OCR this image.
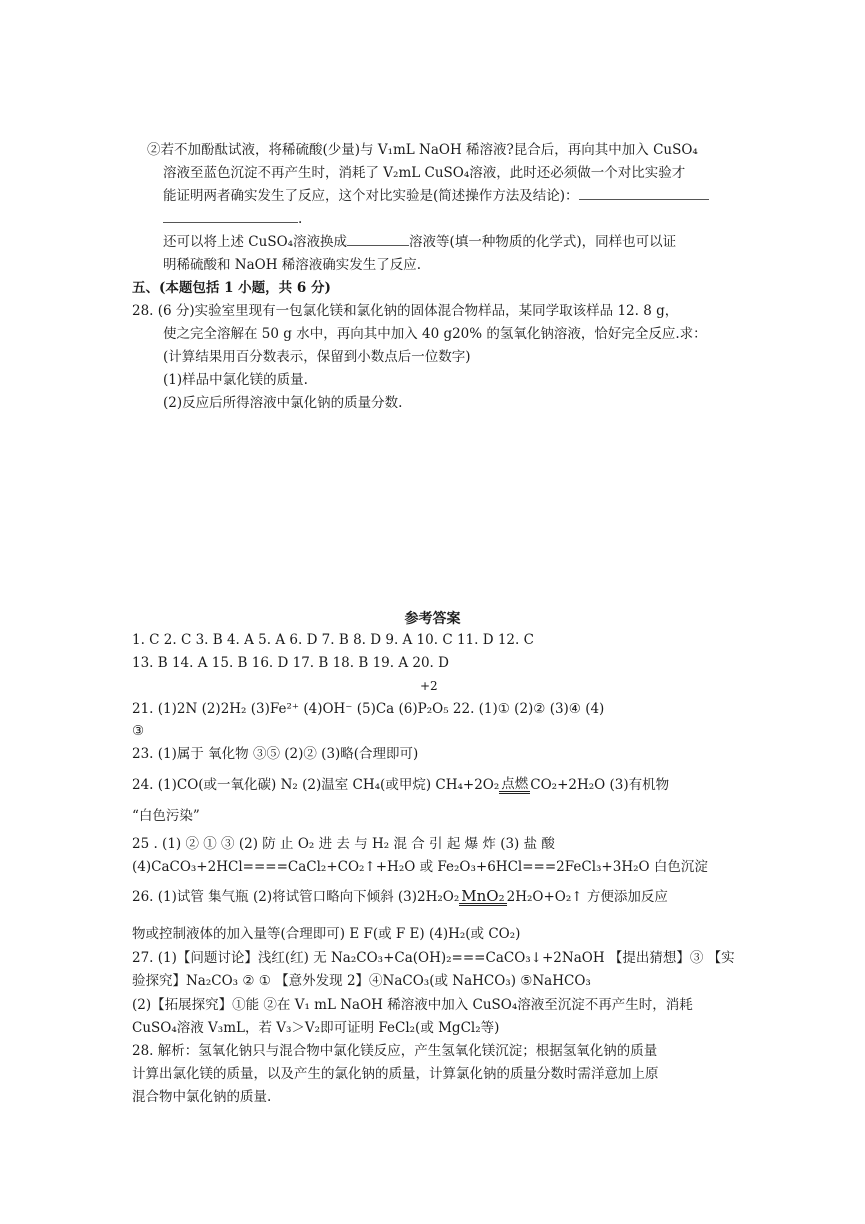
②若不加酚酞试液，将稀硫酸(少量)与 V₁mL NaOH 稀溶液?昆合后，再向其中加入 CuSO₄
溶液至蓝色沉淀不再产生时，消耗了 V₂mL CuSO₄溶液，此时还必须做一个对比实验才
能证明两者确实发生了反应，这个对比实验是(简述操作方法及结论)：
.
还可以将上述 CuSO₄溶液换成	溶液等(填一种物质的化学式)，同样也可以证
明稀硫酸和 NaOH 稀溶液确实发生了反应.
五、(本题包括 1 小题，共 6 分)
28. (6 分)实验室里现有一包氯化镁和氯化钠的固体混合物样品，某同学取该样品 12. 8 g，
使之完全溶解在 50 g 水中，再向其中加入 40 g20% 的氢氧化钠溶液，恰好完全反应.求：
(计算结果用百分数表示，保留到小数点后一位数字)
(1)样品中氯化镁的质量.
(2)反应后所得溶液中氯化钠的质量分数.
参考答案
1. C 2. C 3. B 4. A 5. A 6. D 7. B 8. D 9. A 10. C 11. D 12. C
13. B 14. A 15. B 16. D 17. B 18. B 19. A 20. D
+2
21. (1)2N (2)2H₂ (3)Fe²⁺ (4)OH⁻ (5)Ca (6)P₂O₅ 22. (1)① (2)② (3)④ (4)
③
23. (1)属于 氧化物 ③⑤ (2)② (3)略(合理即可)
24. (1)CO(或一氧化碳) N₂ (2)温室 CH₄(或甲烷) CH₄+2O₂ 点燃 CO₂+2H₂O (3)有机物
“白色污染”
25 . (1) ② ① ③ (2) 防 止 O₂ 进 去 与 H₂ 混 合 引 起 爆 炸 (3) 盐 酸
(4)CaCO₃+2HCl====CaCl₂+CO₂↑+H₂O 或 Fe₂O₃+6HCl===2FeCl₃+3H₂O 白色沉淀
26. (1)试管 集气瓶 (2)将试管口略向下倾斜 (3)2H₂O₂ MnO₂ 2H₂O+O₂↑ 方便添加反应
物或控制液体的加入量等(合理即可) E F(或 F E) (4)H₂(或 CO₂)
27. (1)【问题讨论】浅红(红) 无 Na₂CO₃+Ca(OH)₂===CaCO₃↓+2NaOH 【提出猜想】③ 【实
验探究】Na₂CO₃ ② ① 【意外发现 2】④NaCO₃(或 NaHCO₃) ⑤NaHCO₃
(2)【拓展探究】①能 ②在 V₁ mL NaOH 稀溶液中加入 CuSO₄溶液至沉淀不再产生时，消耗
CuSO₄溶液 V₃mL，若 V₃＞V₂即可证明 FeCl₂(或 MgCl₂等)
28. 解析：氢氧化钠只与混合物中氯化镁反应，产生氢氧化镁沉淀；根据氢氧化钠的质量
计算出氯化镁的质量，以及产生的氯化钠的质量，计算氯化钠的质量分数时需洋意加上原
混合物中氯化钠的质量.
